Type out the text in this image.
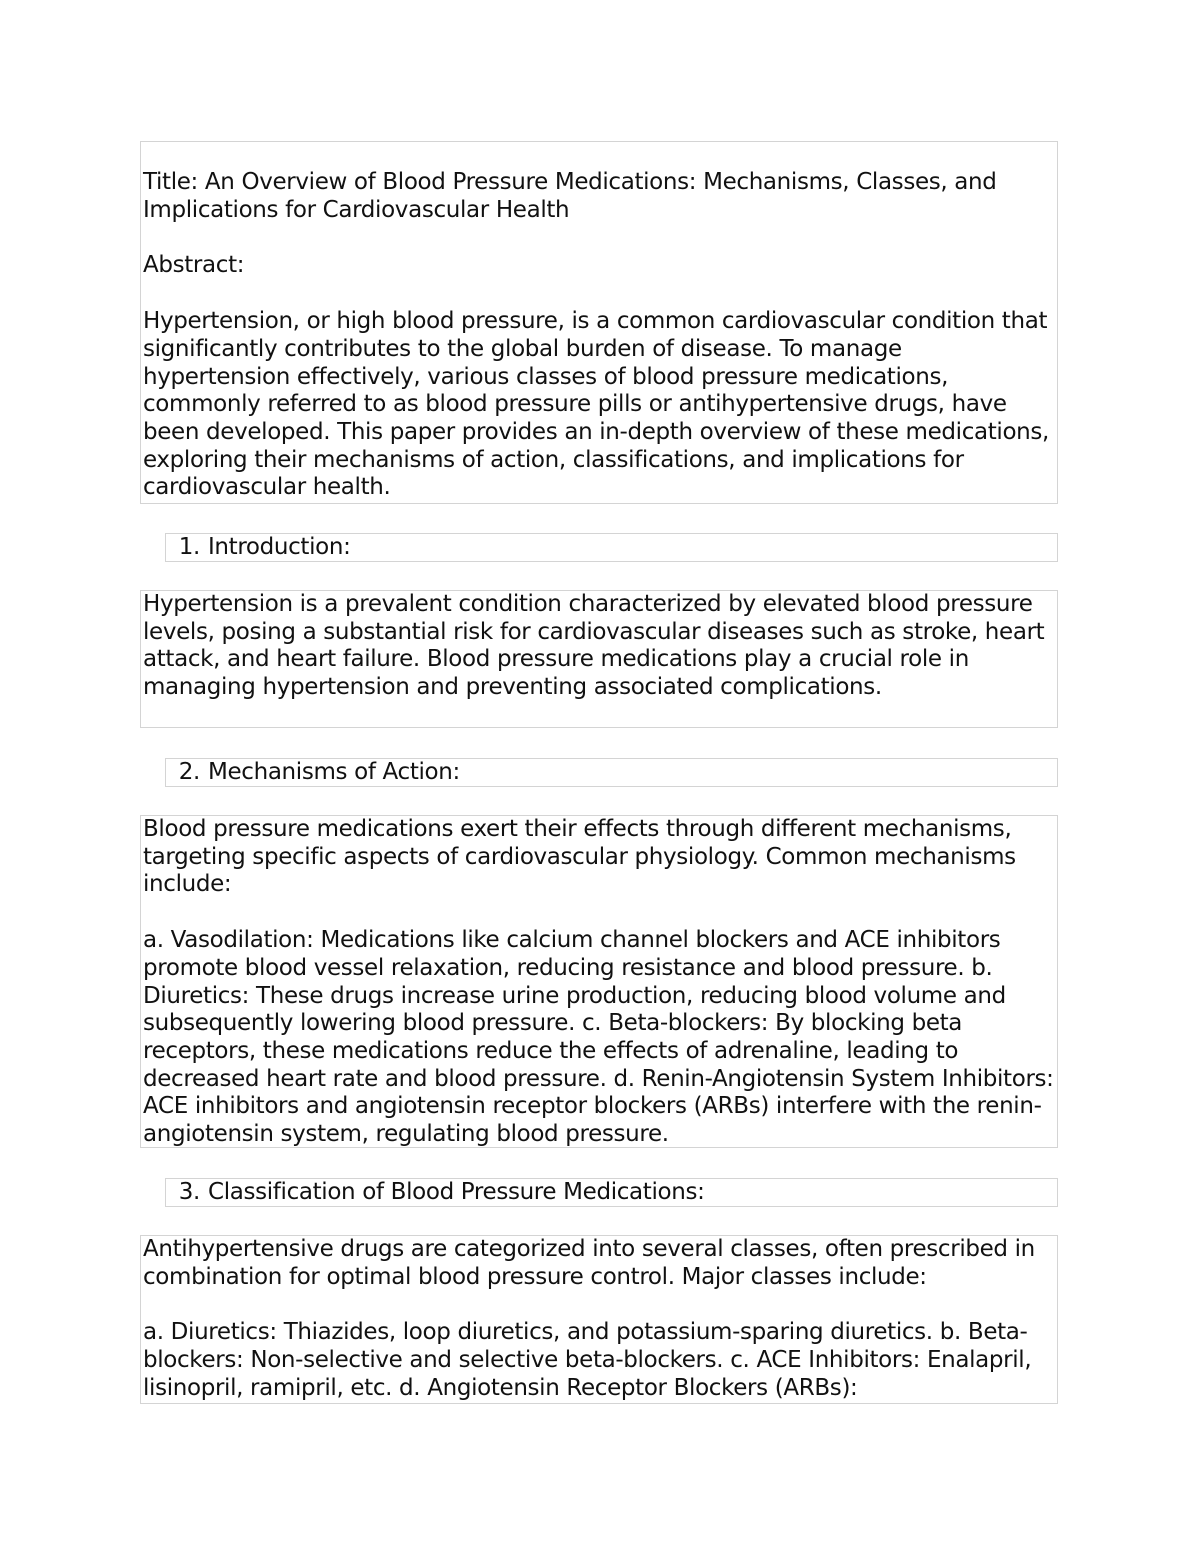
Title: An Overview of Blood Pressure Medications: Mechanisms, Classes, and Implications for Cardiovascular Health

Abstract:

Hypertension, or high blood pressure, is a common cardiovascular condition that significantly contributes to the global burden of disease. To manage hypertension effectively, various classes of blood pressure medications, commonly referred to as blood pressure pills or antihypertensive drugs, have been developed. This paper provides an in-depth overview of these medications, exploring their mechanisms of action, classifications, and implications for cardiovascular health.

1. Introduction:

Hypertension is a prevalent condition characterized by elevated blood pressure levels, posing a substantial risk for cardiovascular diseases such as stroke, heart attack, and heart failure. Blood pressure medications play a crucial role in managing hypertension and preventing associated complications.

2. Mechanisms of Action:

Blood pressure medications exert their effects through different mechanisms, targeting specific aspects of cardiovascular physiology. Common mechanisms include:

a. Vasodilation: Medications like calcium channel blockers and ACE inhibitors promote blood vessel relaxation, reducing resistance and blood pressure. b. Diuretics: These drugs increase urine production, reducing blood volume and subsequently lowering blood pressure. c. Beta-blockers: By blocking beta receptors, these medications reduce the effects of adrenaline, leading to decreased heart rate and blood pressure. d. Renin-Angiotensin System Inhibitors: ACE inhibitors and angiotensin receptor blockers (ARBs) interfere with the renin-angiotensin system, regulating blood pressure.

3. Classification of Blood Pressure Medications:

Antihypertensive drugs are categorized into several classes, often prescribed in combination for optimal blood pressure control. Major classes include:

a. Diuretics: Thiazides, loop diuretics, and potassium-sparing diuretics. b. Beta-blockers: Non-selective and selective beta-blockers. c. ACE Inhibitors: Enalapril, lisinopril, ramipril, etc. d. Angiotensin Receptor Blockers (ARBs):
